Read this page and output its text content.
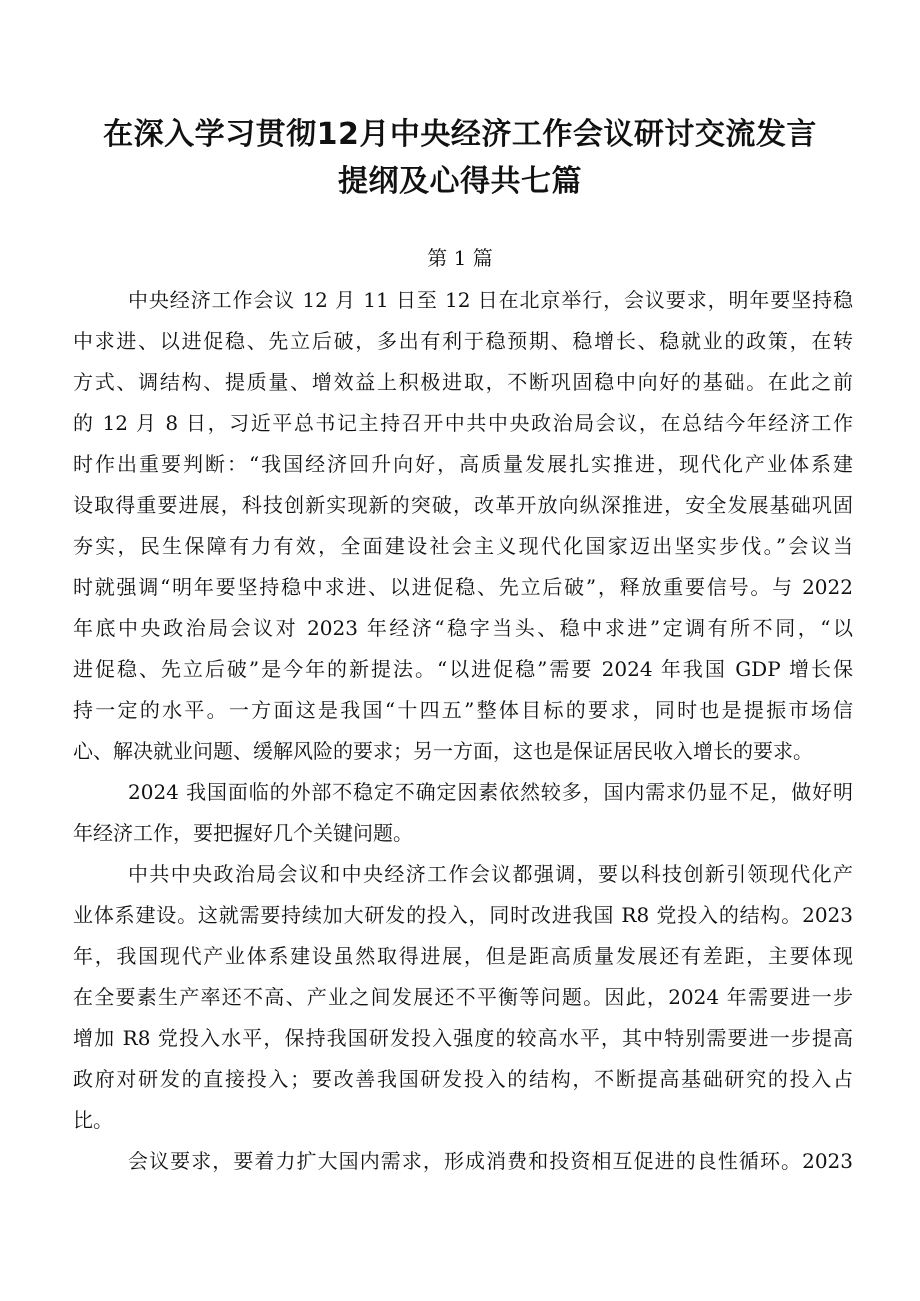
在深入学习贯彻12月中央经济工作会议研讨交流发言
提纲及心得共七篇
第 1 篇
中央经济工作会议 12 月 11 日至 12 日在北京举行，会议要求，明年要坚持稳
中求进、以进促稳、先立后破，多出有利于稳预期、稳增长、稳就业的政策，在转
方式、调结构、提质量、增效益上积极进取，不断巩固稳中向好的基础。在此之前
的 12 月 8 日，习近平总书记主持召开中共中央政治局会议，在总结今年经济工作
时作出重要判断：“我国经济回升向好，高质量发展扎实推进，现代化产业体系建
设取得重要进展，科技创新实现新的突破，改革开放向纵深推进，安全发展基础巩固
夯实，民生保障有力有效，全面建设社会主义现代化国家迈出坚实步伐。”会议当
时就强调“明年要坚持稳中求进、以进促稳、先立后破”，释放重要信号。与 2022
年底中央政治局会议对 2023 年经济“稳字当头、稳中求进”定调有所不同，“以
进促稳、先立后破”是今年的新提法。“以进促稳”需要 2024 年我国 GDP 增长保
持一定的水平。一方面这是我国“十四五”整体目标的要求，同时也是提振市场信
心、解决就业问题、缓解风险的要求；另一方面，这也是保证居民收入增长的要求。
2024 我国面临的外部不稳定不确定因素依然较多，国内需求仍显不足，做好明
年经济工作，要把握好几个关键问题。
中共中央政治局会议和中央经济工作会议都强调，要以科技创新引领现代化产
业体系建设。这就需要持续加大研发的投入，同时改进我国 R8 党投入的结构。2023
年，我国现代产业体系建设虽然取得进展，但是距高质量发展还有差距，主要体现
在全要素生产率还不高、产业之间发展还不平衡等问题。因此，2024 年需要进一步
增加 R8 党投入水平，保持我国研发投入强度的较高水平，其中特别需要进一步提高
政府对研发的直接投入；要改善我国研发投入的结构，不断提高基础研究的投入占
比。
会议要求，要着力扩大国内需求，形成消费和投资相互促进的良性循环。2023
